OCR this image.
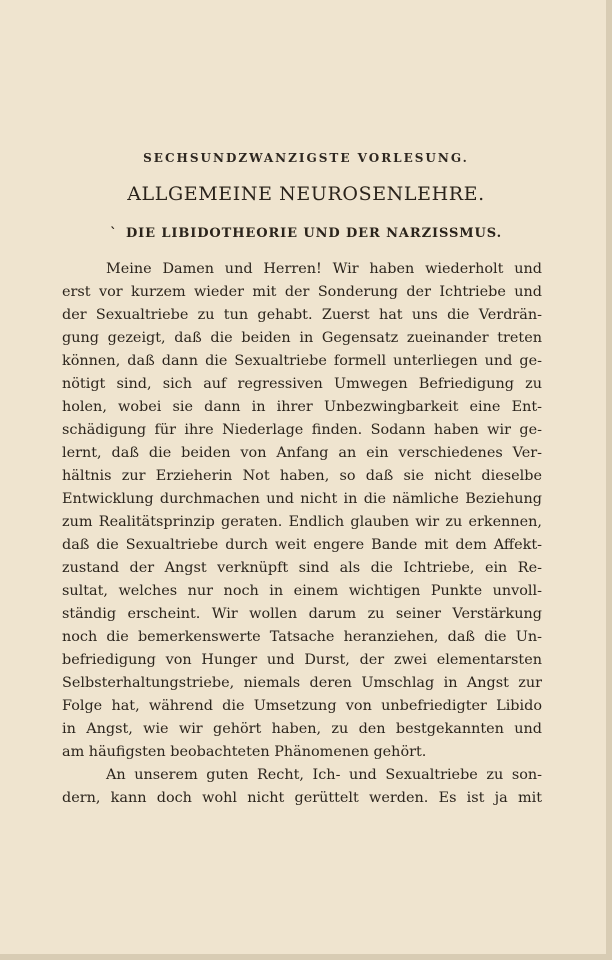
SECHSUNDZWANZIGSTE VORLESUNG.
ALLGEMEINE NEUROSENLEHRE.
` DIE LIBIDOTHEORIE UND DER NARZISSMUS.
Meine Damen und Herren! Wir haben wiederholt und
erst vor kurzem wieder mit der Sonderung der Ichtriebe und
der Sexualtriebe zu tun gehabt. Zuerst hat uns die Verdrän-
gung gezeigt, daß die beiden in Gegensatz zueinander treten
können, daß dann die Sexualtriebe formell unterliegen und ge-
nötigt sind, sich auf regressiven Umwegen Befriedigung zu
holen, wobei sie dann in ihrer Unbezwingbarkeit eine Ent-
schädigung für ihre Niederlage finden. Sodann haben wir ge-
lernt, daß die beiden von Anfang an ein verschiedenes Ver-
hältnis zur Erzieherin Not haben, so daß sie nicht dieselbe
Entwicklung durchmachen und nicht in die nämliche Beziehung
zum Realitätsprinzip geraten. Endlich glauben wir zu erkennen,
daß die Sexualtriebe durch weit engere Bande mit dem Affekt-
zustand der Angst verknüpft sind als die Ichtriebe, ein Re-
sultat, welches nur noch in einem wichtigen Punkte unvoll-
ständig erscheint. Wir wollen darum zu seiner Verstärkung
noch die bemerkenswerte Tatsache heranziehen, daß die Un-
befriedigung von Hunger und Durst, der zwei elementarsten
Selbsterhaltungstriebe, niemals deren Umschlag in Angst zur
Folge hat, während die Umsetzung von unbefriedigter Libido
in Angst, wie wir gehört haben, zu den bestgekannten und
am häufigsten beobachteten Phänomenen gehört.
An unserem guten Recht, Ich- und Sexualtriebe zu son-
dern, kann doch wohl nicht gerüttelt werden. Es ist ja mit
